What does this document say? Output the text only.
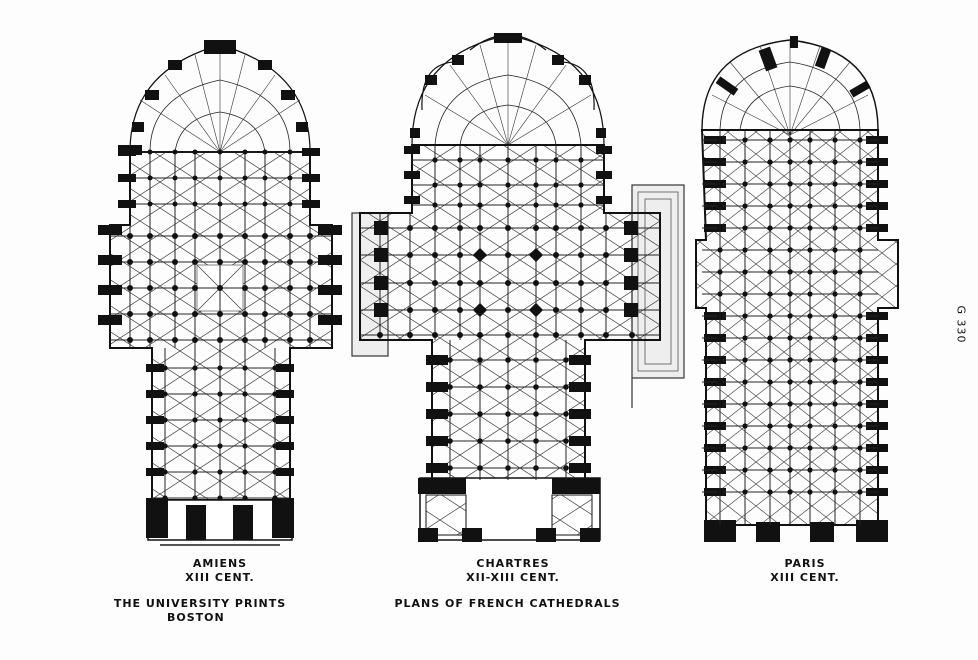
AMIENS
XIII CENT.
CHARTRES
XII-XIII CENT.
PARIS
XIII CENT.
THE UNIVERSITY PRINTS
BOSTON
PLANS OF FRENCH CATHEDRALS
G 330
